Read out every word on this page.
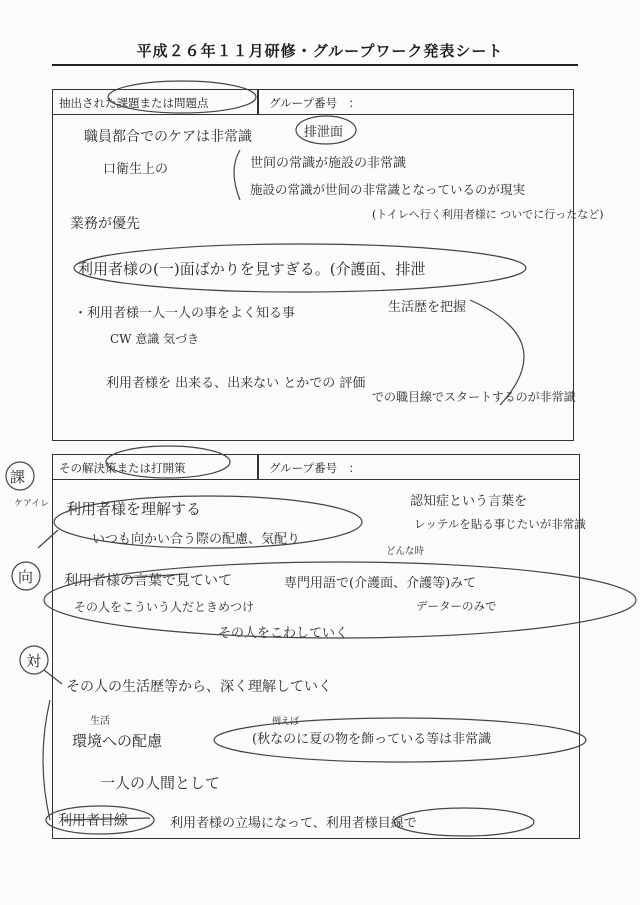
平成２６年１１月研修・グループワーク発表シート
抽出された課題または問題点	グループ番号　：
職員都合でのケアは非常識	排泄面
口衛生上の	世间の常識が施設の非常識
施設の常識が世间の非常識となっているのが現実
(トイレへ行く利用者様に ついでに行ったなど)
業務が優先
利用者様の(一)面ばかりを見すぎる。(介護面、排泄
・利用者様一人一人の事をよく知る事	生活歴を把握
CW 意識 気づき
利用者様を 出来る、出来ない とかでの 評価
での職目線でスタートするのが非常識
その解決策または打開策	グループ番号　：
課
ケアイレ
向
対
利用者様を理解する
いつも向かい合う際の配慮、気配り
認知症という言葉を
レッテルを貼る事じたいが非常識
利用者様の言葉で見ていて	専門用語で(介護面、介護等)みて
どんな時
その人をこういう人だときめつけ	データーのみで
その人をこわしていく
その人の生活歴等から、深く理解していく
生活
環境への配慮
例えば
(秋なのに夏の物を飾っている等は非常識
一人の人間として
利用者目線	利用者様の立場になって、利用者様目線で
